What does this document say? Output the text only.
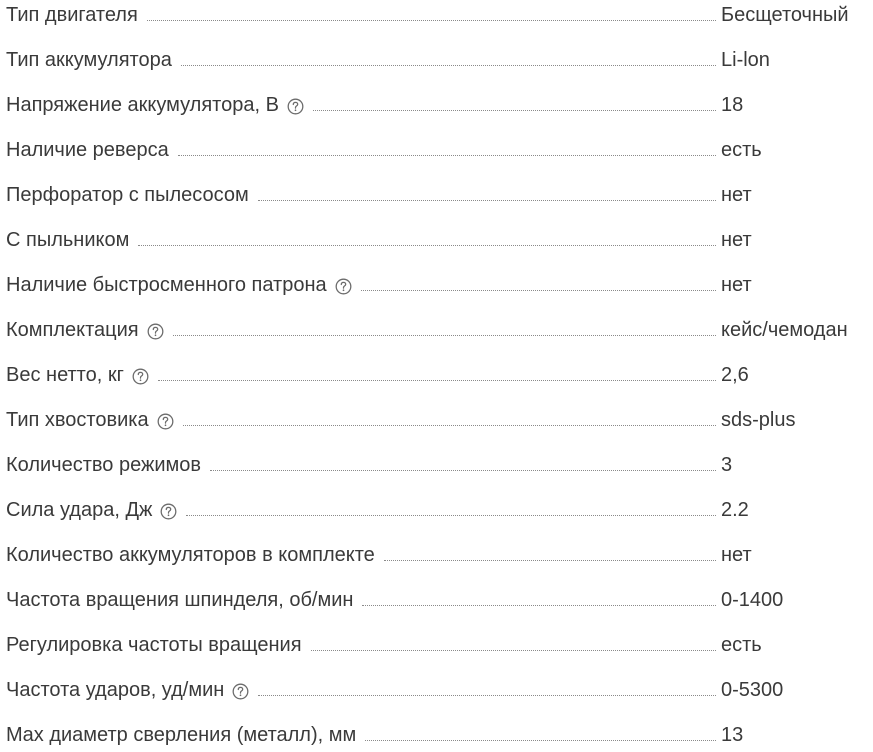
Тип двигателя	Бесщеточный
Тип аккумулятора	Li-lon
Напряжение аккумулятора, В	18
Наличие реверса	есть
Перфоратор с пылесосом	нет
С пыльником	нет
Наличие быстросменного патрона	нет
Комплектация	кейс/чемодан
Вес нетто, кг	2,6
Тип хвостовика	sds-plus
Количество режимов	3
Сила удара, Дж	2.2
Количество аккумуляторов в комплекте	нет
Частота вращения шпинделя, об/мин	0-1400
Регулировка частоты вращения	есть
Частота ударов, уд/мин	0-5300
Max диаметр сверления (металл), мм	13
